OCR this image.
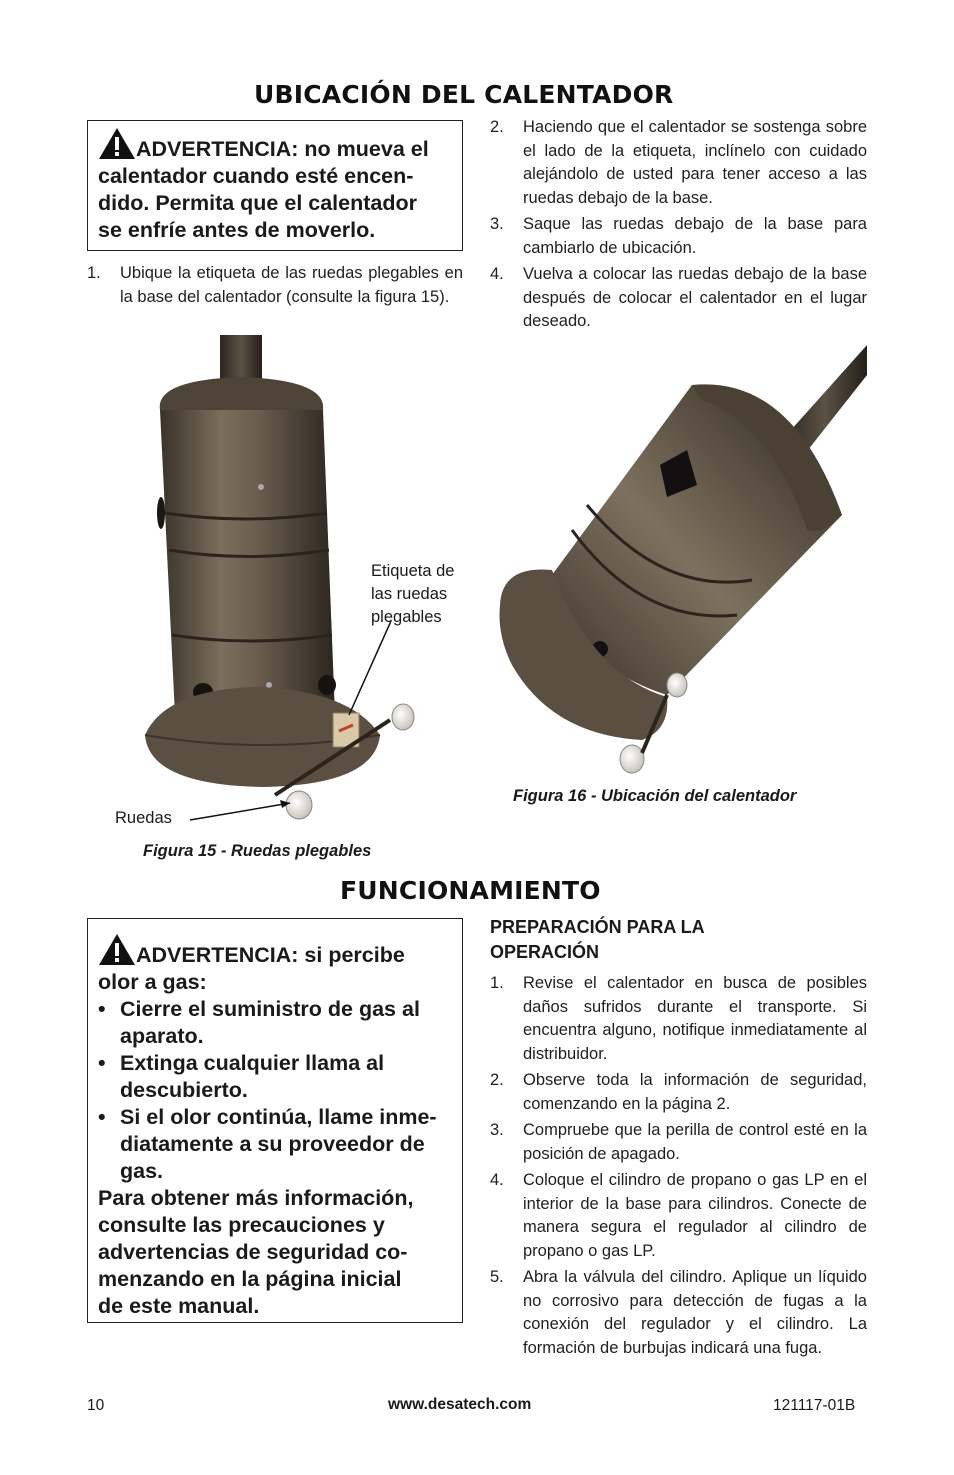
UBICACIÓN DEL CALENTADOR
ADVERTENCIA: no mueva el
calentador cuando esté encen-
dido. Permita que el calentador
se enfríe antes de moverlo.
1. Ubique la etiqueta de las ruedas plegables en la base del calentador (consulte la figura 15).
2. Haciendo que el calentador se sostenga sobre el lado de la etiqueta, inclínelo con cuidado alejándolo de usted para tener acceso a las ruedas debajo de la base.
3. Saque las ruedas debajo de la base para cambiarlo de ubicación.
4. Vuelva a colocar las ruedas debajo de la base después de colocar el calentador en el lugar deseado.
Etiqueta de
las ruedas
plegables
Ruedas
Figura 15 - Ruedas plegables
Figura 16 - Ubicación del calentador
FUNCIONAMIENTO
ADVERTENCIA: si percibe
olor a gas:
• Cierre el suministro de gas al
aparato.
• Extinga cualquier llama al
descubierto.
• Si el olor continúa, llame inme-
diatamente a su proveedor de
gas.
Para obtener más información,
consulte las precauciones y
advertencias de seguridad co-
menzando en la página inicial
de este manual.
PREPARACIÓN PARA LA
OPERACIÓN
1. Revise el calentador en busca de posibles daños sufridos durante el transporte. Si encuentra alguno, notifique inmediatamente al distribuidor.
2. Observe toda la información de seguridad, comenzando en la página 2.
3. Compruebe que la perilla de control esté en la posición de apagado.
4. Coloque el cilindro de propano o gas LP en el interior de la base para cilindros. Conecte de manera segura el regulador al cilindro de propano o gas LP.
5. Abra la válvula del cilindro. Aplique un líquido no corrosivo para detección de fugas a la conexión del regulador y el cilindro. La formación de burbujas indicará una fuga.
10	www.desatech.com	121117-01B
